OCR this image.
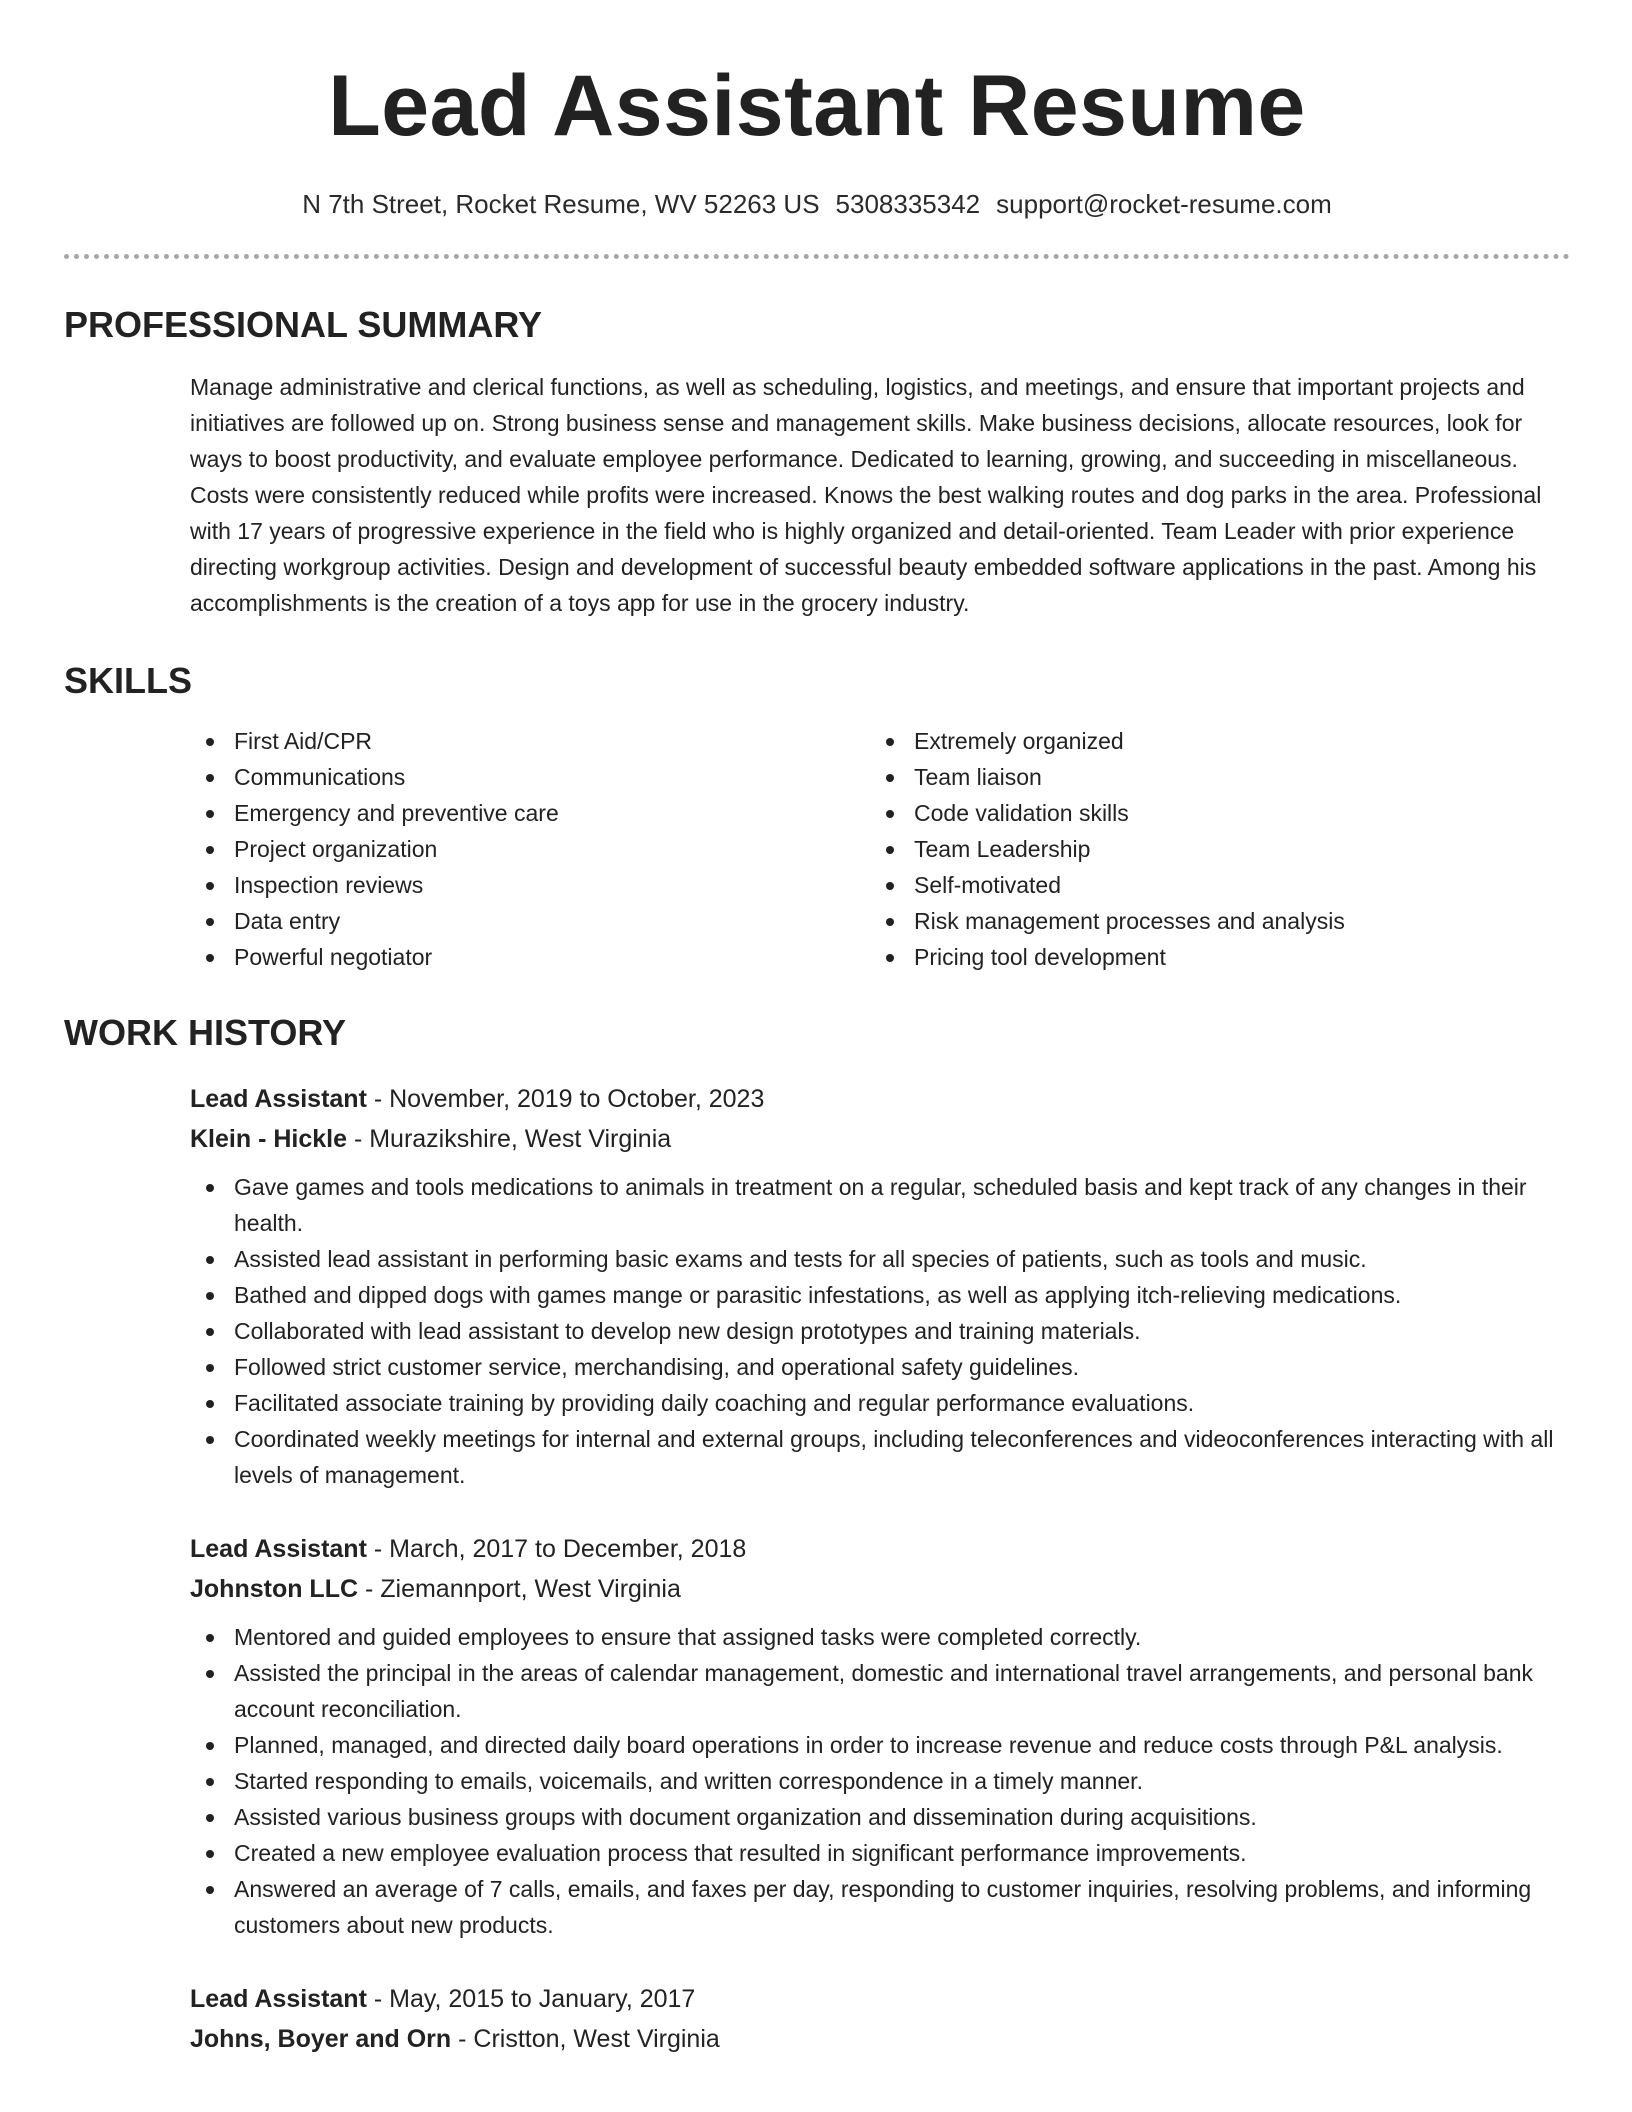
Lead Assistant Resume
N 7th Street, Rocket Resume, WV 52263 US 5308335342 support@rocket-resume.com
PROFESSIONAL SUMMARY

Manage administrative and clerical functions, as well as scheduling, logistics, and meetings, and ensure that important projects and initiatives are followed up on. Strong business sense and management skills. Make business decisions, allocate resources, look for ways to boost productivity, and evaluate employee performance. Dedicated to learning, growing, and succeeding in miscellaneous. Costs were consistently reduced while profits were increased. Knows the best walking routes and dog parks in the area. Professional with 17 years of progressive experience in the field who is highly organized and detail-oriented. Team Leader with prior experience directing workgroup activities. Design and development of successful beauty embedded software applications in the past. Among his accomplishments is the creation of a toys app for use in the grocery industry.

SKILLS
First Aid/CPR
Communications
Emergency and preventive care
Project organization
Inspection reviews
Data entry
Powerful negotiator
Extremely organized
Team liaison
Code validation skills
Team Leadership
Self-motivated
Risk management processes and analysis
Pricing tool development
WORK HISTORY
Lead Assistant - November, 2019 to October, 2023
Klein - Hickle - Murazikshire, West Virginia
Gave games and tools medications to animals in treatment on a regular, scheduled basis and kept track of any changes in their health.
Assisted lead assistant in performing basic exams and tests for all species of patients, such as tools and music.
Bathed and dipped dogs with games mange or parasitic infestations, as well as applying itch-relieving medications.
Collaborated with lead assistant to develop new design prototypes and training materials.
Followed strict customer service, merchandising, and operational safety guidelines.
Facilitated associate training by providing daily coaching and regular performance evaluations.
Coordinated weekly meetings for internal and external groups, including teleconferences and videoconferences interacting with all levels of management.
Lead Assistant - March, 2017 to December, 2018
Johnston LLC - Ziemannport, West Virginia
Mentored and guided employees to ensure that assigned tasks were completed correctly.
Assisted the principal in the areas of calendar management, domestic and international travel arrangements, and personal bank account reconciliation.
Planned, managed, and directed daily board operations in order to increase revenue and reduce costs through P&L analysis.
Started responding to emails, voicemails, and written correspondence in a timely manner.
Assisted various business groups with document organization and dissemination during acquisitions.
Created a new employee evaluation process that resulted in significant performance improvements.
Answered an average of 7 calls, emails, and faxes per day, responding to customer inquiries, resolving problems, and informing customers about new products.
Lead Assistant - May, 2015 to January, 2017
Johns, Boyer and Orn - Cristton, West Virginia
